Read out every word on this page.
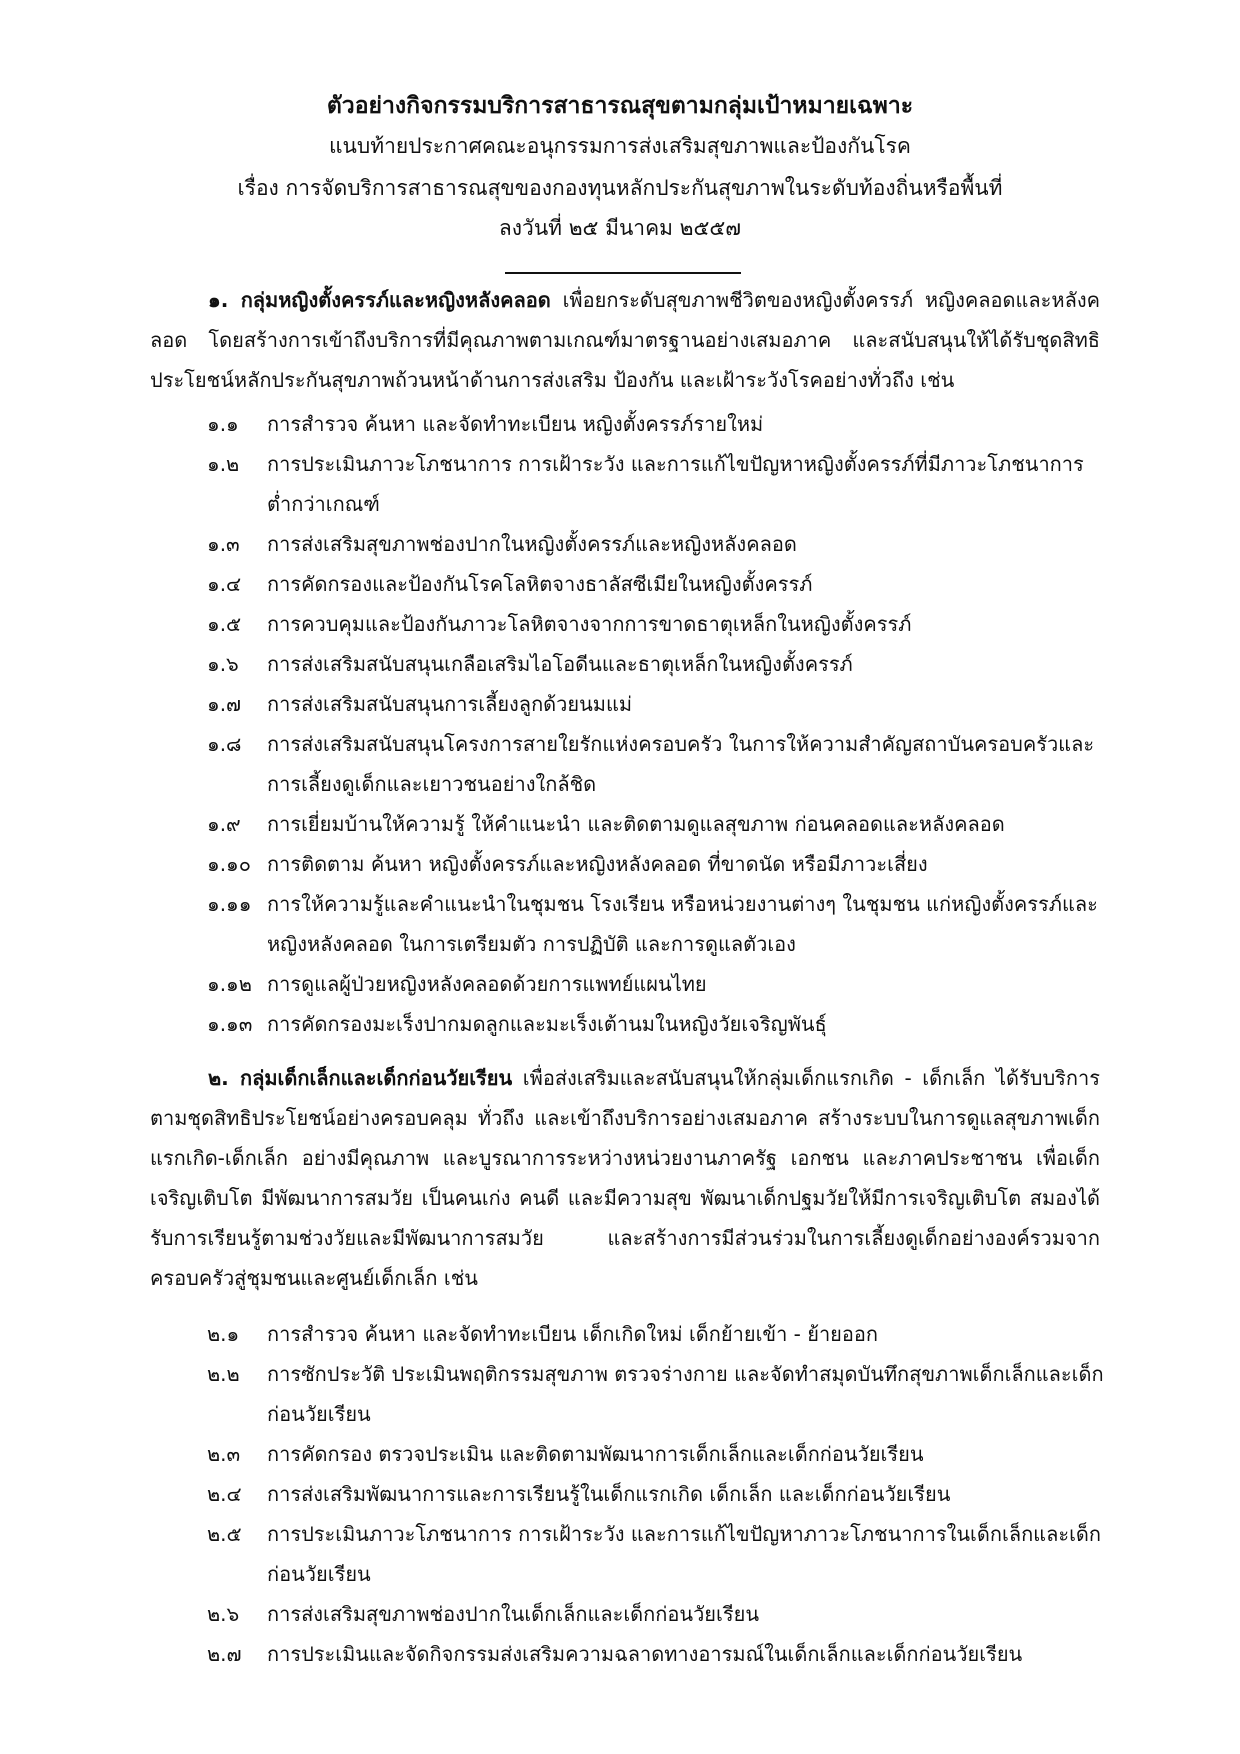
ตัวอย่างกิจกรรมบริการสาธารณสุขตามกลุ่มเป้าหมายเฉพาะ
แนบท้ายประกาศคณะอนุกรรมการส่งเสริมสุขภาพและป้องกันโรค
เรื่อง การจัดบริการสาธารณสุขของกองทุนหลักประกันสุขภาพในระดับท้องถิ่นหรือพื้นที่
ลงวันที่ ๒๕ มีนาคม ๒๕๕๗
๑. กลุ่มหญิงตั้งครรภ์และหญิงหลังคลอด เพื่อยกระดับสุขภาพชีวิตของหญิงตั้งครรภ์ หญิงคลอดและหลังคลอด โดยสร้างการเข้าถึงบริการที่มีคุณภาพตามเกณฑ์มาตรฐานอย่างเสมอภาค และสนับสนุนให้ได้รับชุดสิทธิประโยชน์หลักประกันสุขภาพถ้วนหน้าด้านการส่งเสริม ป้องกัน และเฝ้าระวังโรคอย่างทั่วถึง เช่น
๑.๑ การสำรวจ ค้นหา และจัดทำทะเบียน หญิงตั้งครรภ์รายใหม่
๑.๒ การประเมินภาวะโภชนาการ การเฝ้าระวัง และการแก้ไขปัญหาหญิงตั้งครรภ์ที่มีภาวะโภชนาการต่ำกว่าเกณฑ์
๑.๓ การส่งเสริมสุขภาพช่องปากในหญิงตั้งครรภ์และหญิงหลังคลอด
๑.๔ การคัดกรองและป้องกันโรคโลหิตจางธาลัสซีเมียในหญิงตั้งครรภ์
๑.๕ การควบคุมและป้องกันภาวะโลหิตจางจากการขาดธาตุเหล็กในหญิงตั้งครรภ์
๑.๖ การส่งเสริมสนับสนุนเกลือเสริมไอโอดีนและธาตุเหล็กในหญิงตั้งครรภ์
๑.๗ การส่งเสริมสนับสนุนการเลี้ยงลูกด้วยนมแม่
๑.๘ การส่งเสริมสนับสนุนโครงการสายใยรักแห่งครอบครัว ในการให้ความสำคัญสถาบันครอบครัวและการเลี้ยงดูเด็กและเยาวชนอย่างใกล้ชิด
๑.๙ การเยี่ยมบ้านให้ความรู้ ให้คำแนะนำ และติดตามดูแลสุขภาพ ก่อนคลอดและหลังคลอด
๑.๑๐ การติดตาม ค้นหา หญิงตั้งครรภ์และหญิงหลังคลอด ที่ขาดนัด หรือมีภาวะเสี่ยง
๑.๑๑ การให้ความรู้และคำแนะนำในชุมชน โรงเรียน หรือหน่วยงานต่างๆ ในชุมชน แก่หญิงตั้งครรภ์และหญิงหลังคลอด ในการเตรียมตัว การปฏิบัติ และการดูแลตัวเอง
๑.๑๒ การดูแลผู้ป่วยหญิงหลังคลอดด้วยการแพทย์แผนไทย
๑.๑๓ การคัดกรองมะเร็งปากมดลูกและมะเร็งเต้านมในหญิงวัยเจริญพันธุ์
๒. กลุ่มเด็กเล็กและเด็กก่อนวัยเรียน เพื่อส่งเสริมและสนับสนุนให้กลุ่มเด็กแรกเกิด - เด็กเล็ก ได้รับบริการตามชุดสิทธิประโยชน์อย่างครอบคลุม ทั่วถึง และเข้าถึงบริการอย่างเสมอภาค สร้างระบบในการดูแลสุขภาพเด็กแรกเกิด-เด็กเล็ก อย่างมีคุณภาพ และบูรณาการระหว่างหน่วยงานภาครัฐ เอกชน และภาคประชาชน เพื่อเด็กเจริญเติบโต มีพัฒนาการสมวัย เป็นคนเก่ง คนดี และมีความสุข พัฒนาเด็กปฐมวัยให้มีการเจริญเติบโต สมองได้รับการเรียนรู้ตามช่วงวัยและมีพัฒนาการสมวัย และสร้างการมีส่วนร่วมในการเลี้ยงดูเด็กอย่างองค์รวมจากครอบครัวสู่ชุมชนและศูนย์เด็กเล็ก เช่น
๒.๑ การสำรวจ ค้นหา และจัดทำทะเบียน เด็กเกิดใหม่ เด็กย้ายเข้า - ย้ายออก
๒.๒ การซักประวัติ ประเมินพฤติกรรมสุขภาพ ตรวจร่างกาย และจัดทำสมุดบันทึกสุขภาพเด็กเล็กและเด็กก่อนวัยเรียน
๒.๓ การคัดกรอง ตรวจประเมิน และติดตามพัฒนาการเด็กเล็กและเด็กก่อนวัยเรียน
๒.๔ การส่งเสริมพัฒนาการและการเรียนรู้ในเด็กแรกเกิด เด็กเล็ก และเด็กก่อนวัยเรียน
๒.๕ การประเมินภาวะโภชนาการ การเฝ้าระวัง และการแก้ไขปัญหาภาวะโภชนาการในเด็กเล็กและเด็กก่อนวัยเรียน
๒.๖ การส่งเสริมสุขภาพช่องปากในเด็กเล็กและเด็กก่อนวัยเรียน
๒.๗ การประเมินและจัดกิจกรรมส่งเสริมความฉลาดทางอารมณ์ในเด็กเล็กและเด็กก่อนวัยเรียน
